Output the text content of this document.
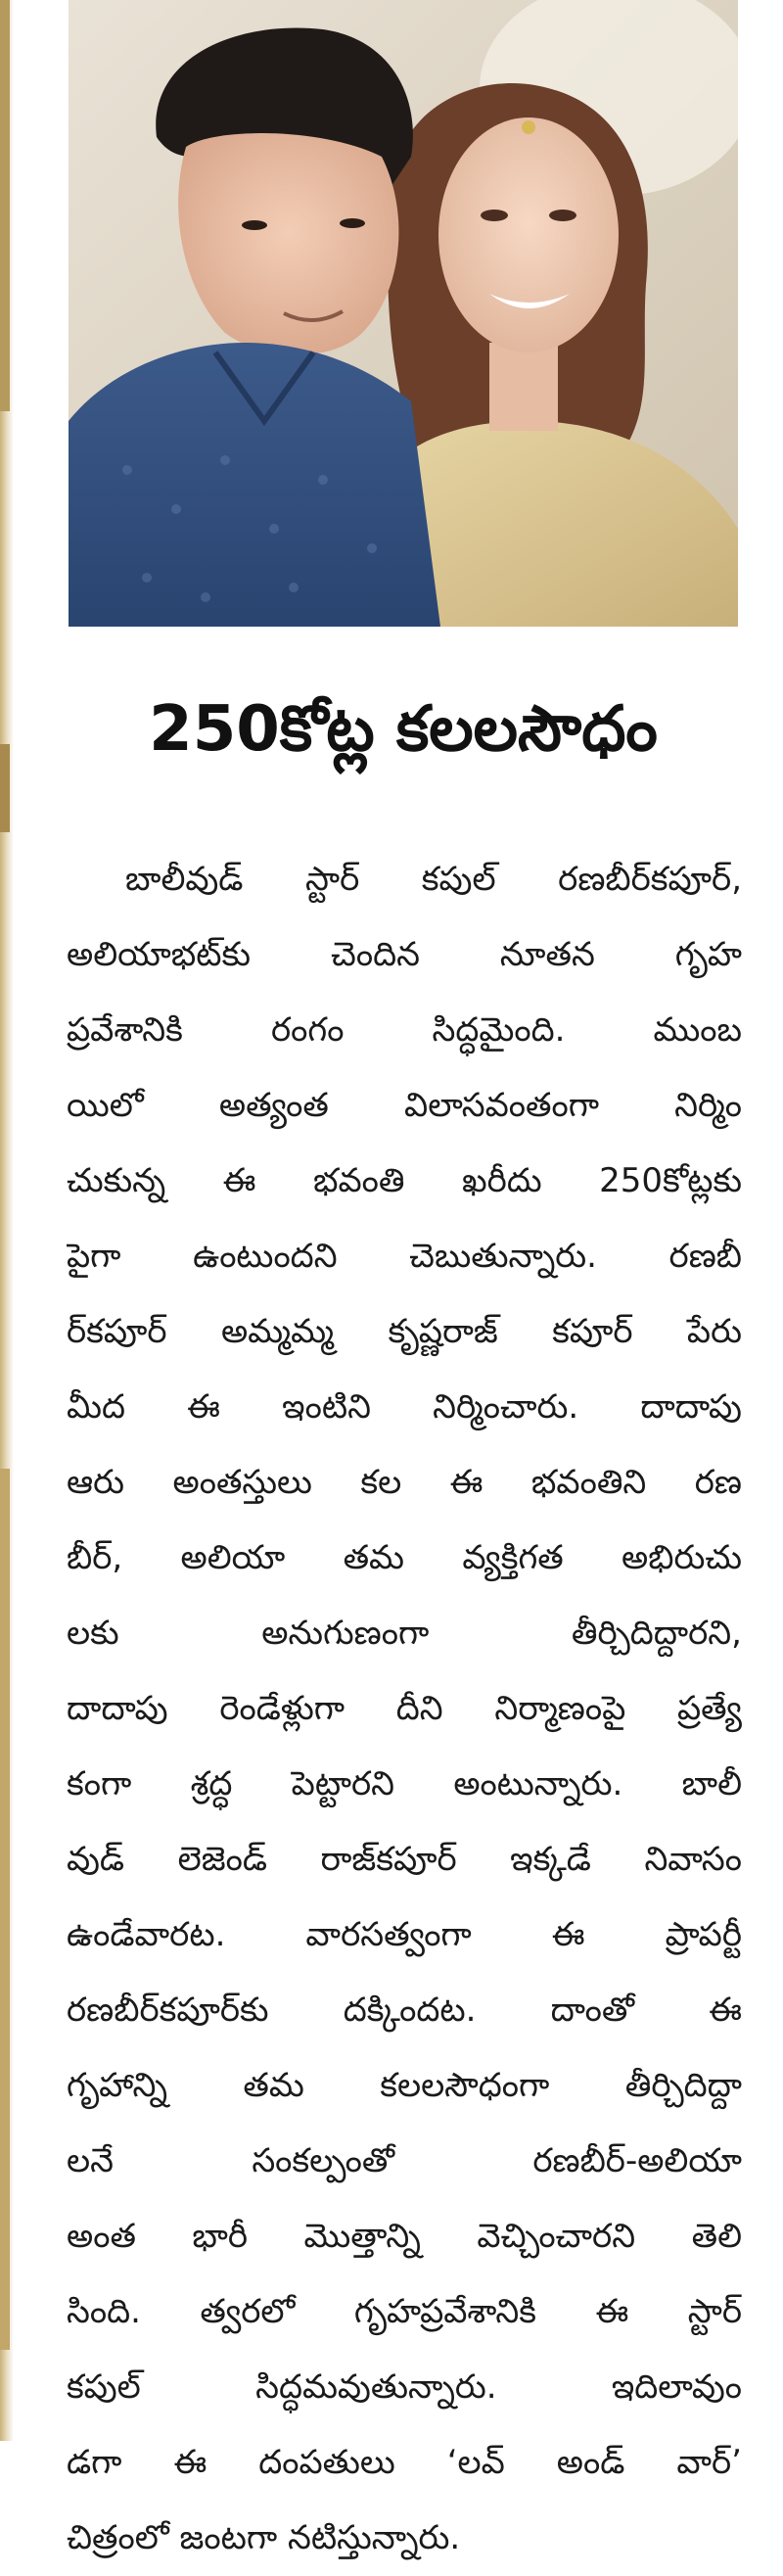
250కోట్ల కలలసౌధం
బాలీవుడ్ స్టార్ కపుల్ రణబీర్‌కపూర్,
అలియాభట్‌కు చెందిన నూతన గృహ
ప్రవేశానికి రంగం సిద్ధమైంది. ముంబ
యిలో అత్యంత విలాసవంతంగా నిర్మిం
చుకున్న ఈ భవంతి ఖరీదు 250కోట్లకు
పైగా ఉంటుందని చెబుతున్నారు. రణబీ
ర్‌కపూర్ అమ్మమ్మ కృష్ణరాజ్ కపూర్ పేరు
మీద ఈ ఇంటిని నిర్మించారు. దాదాపు
ఆరు అంతస్తులు కల ఈ భవంతిని రణ
బీర్, అలియా తమ వ్యక్తిగత అభిరుచు
లకు అనుగుణంగా తీర్చిదిద్దారని,
దాదాపు రెండేళ్లుగా దీని నిర్మాణంపై ప్రత్యే
కంగా శ్రద్ధ పెట్టారని అంటున్నారు. బాలీ
వుడ్ లెజెండ్ రాజ్‌కపూర్ ఇక్కడే నివాసం
ఉండేవారట. వారసత్వంగా ఈ ప్రాపర్టీ
రణబీర్‌కపూర్‌కు దక్కిందట. దాంతో ఈ
గృహాన్ని తమ కలలసౌధంగా తీర్చిదిద్దా
లనే సంకల్పంతో రణబీర్-అలియా
అంత భారీ మొత్తాన్ని వెచ్చించారని తెలి
సింది. త్వరలో గృహప్రవేశానికి ఈ స్టార్
కపుల్ సిద్ధమవుతున్నారు. ఇదిలావుం
డగా ఈ దంపతులు ‘లవ్ అండ్ వార్’
చిత్రంలో జంటగా నటిస్తున్నారు.
